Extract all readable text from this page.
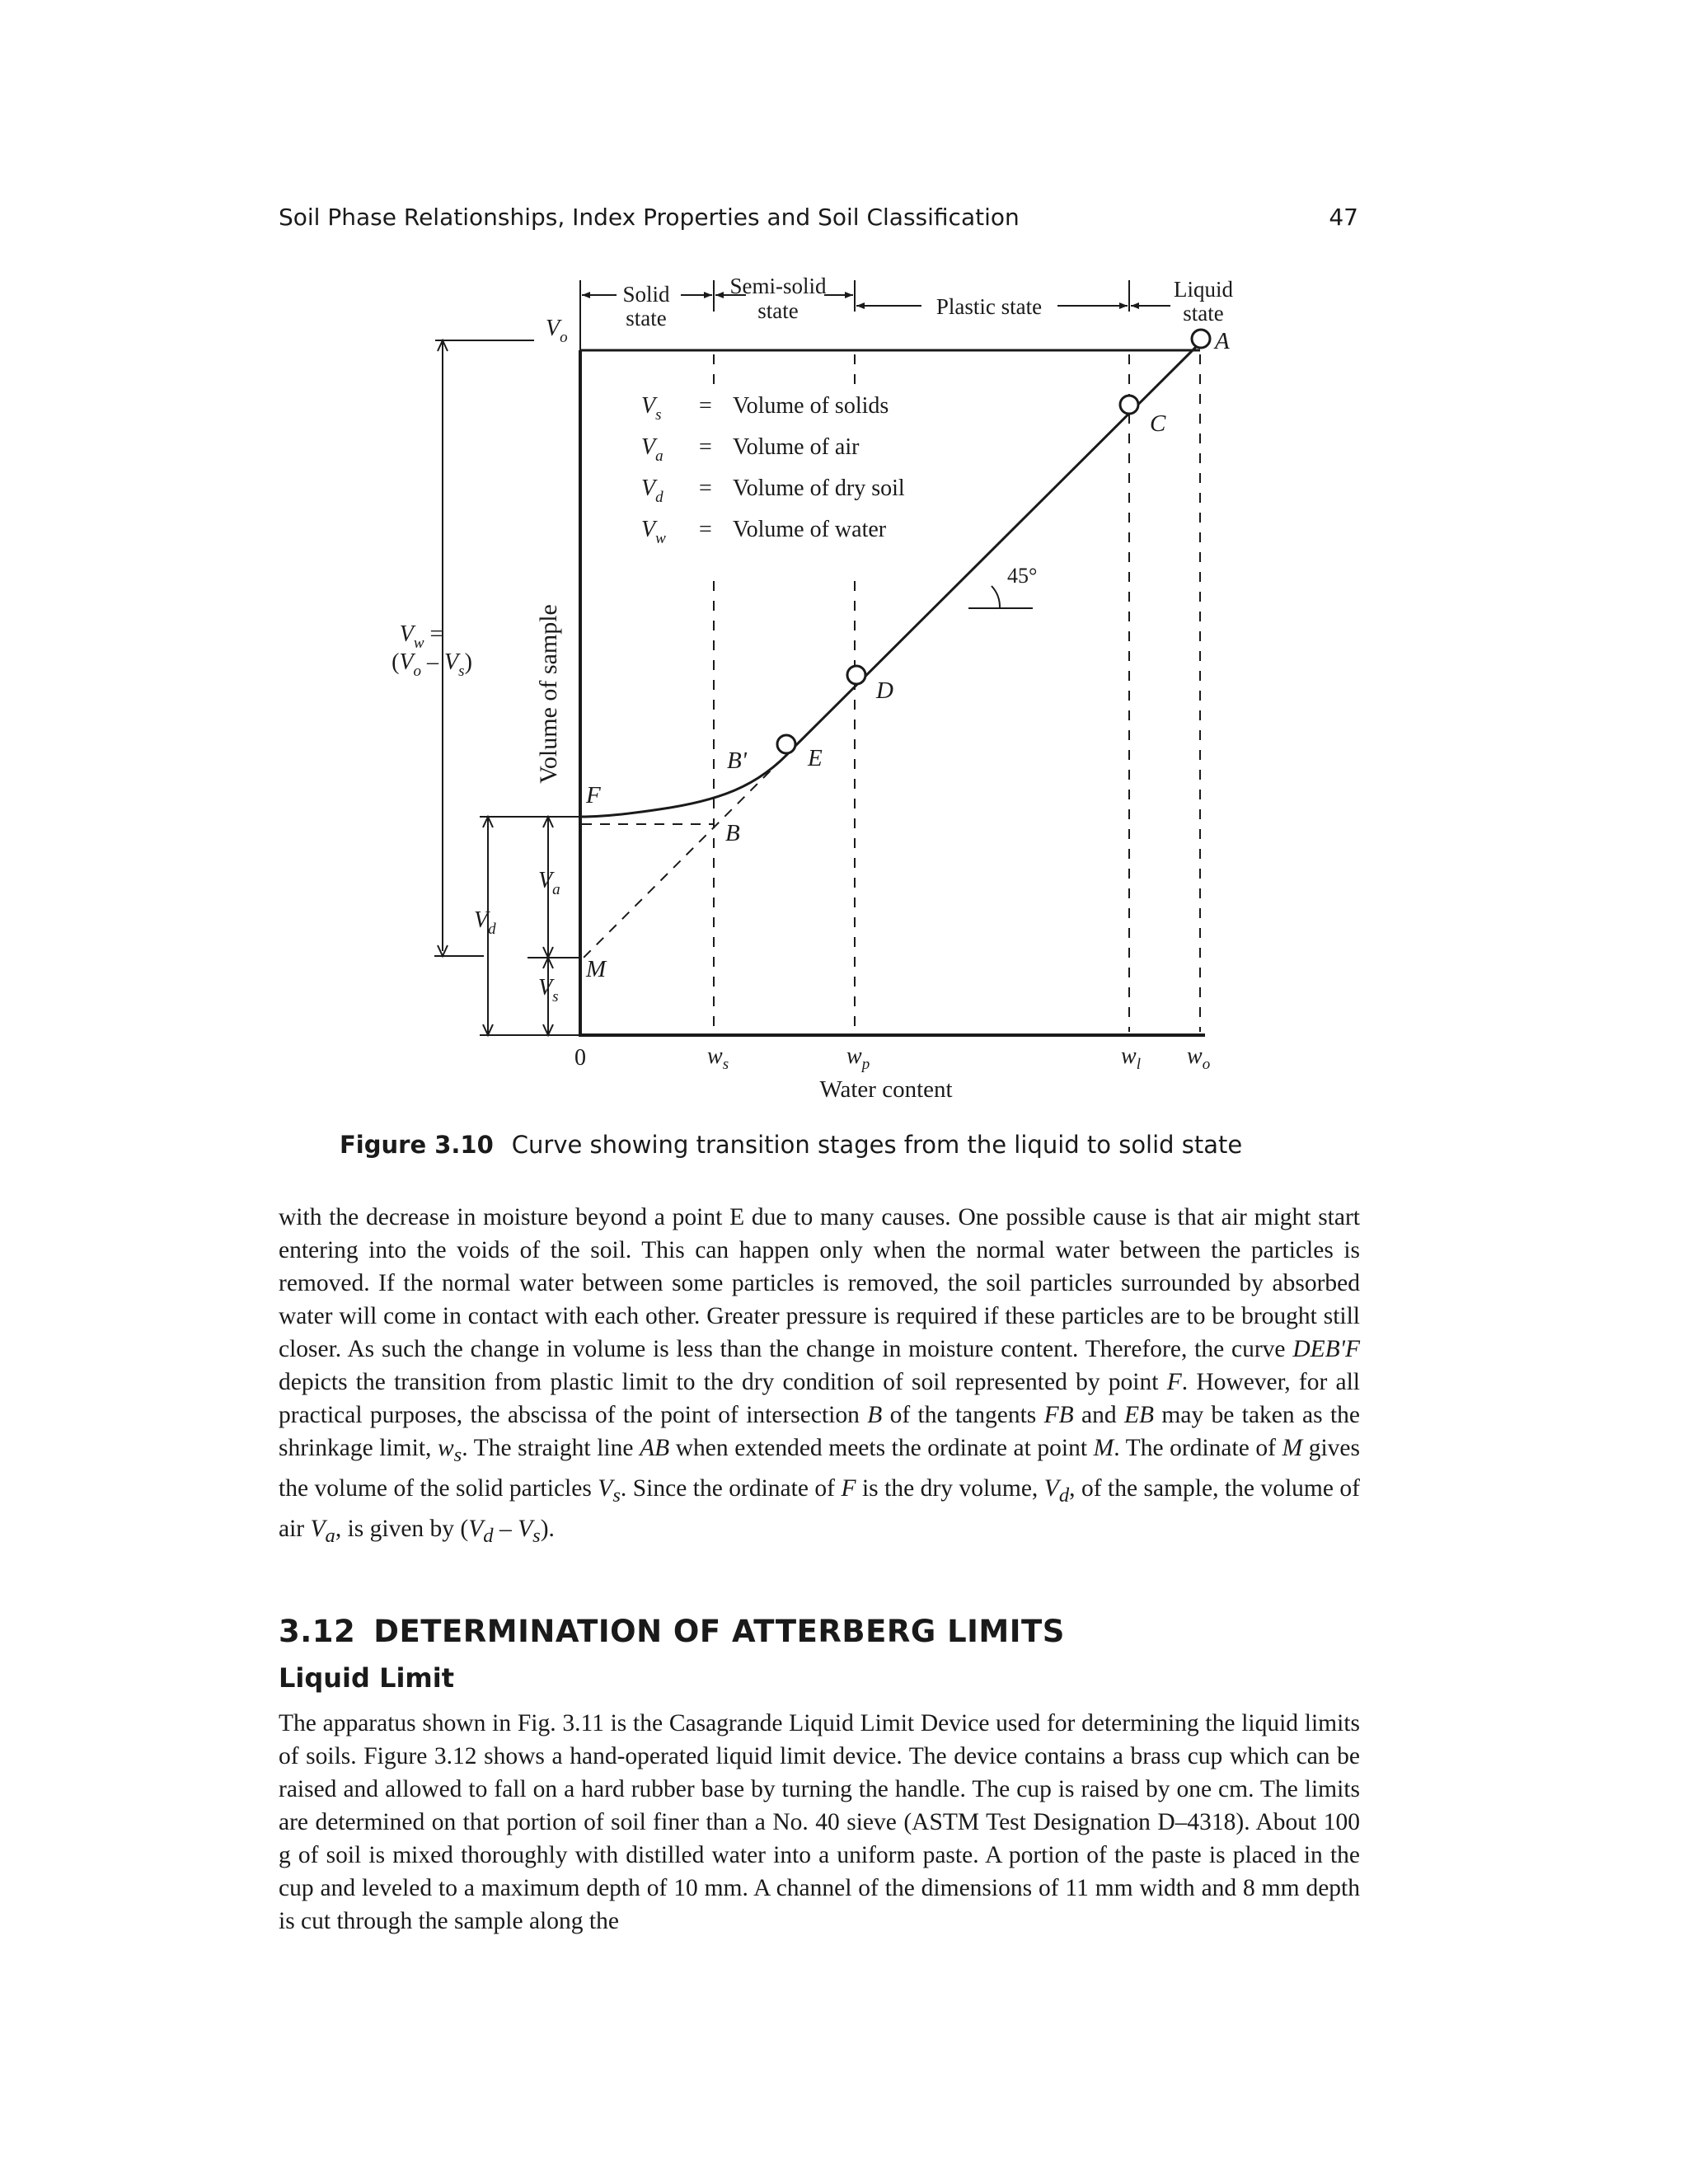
Soil Phase Relationships, Index Properties and Soil Classification	47
Solid
state
Semi-solid
state	Plastic state
Liquid
state
$V_o$
$V_s$ = Volume of solids
$V_a$ = Volume of air
$V_d$ = Volume of dry soil
$V_w$ = Volume of water
A
C
D
E
B'
B
F
M
45°
Volume of sample
0	$w_s$	$w_p$	$w_l$ $w_o$
Water content
$V_w$ =
$(V_o - V_s)$
$V_a$
$V_d$
$V_s$
Figure 3.10 Curve showing transition stages from the liquid to solid state
with the decrease in moisture beyond a point E due to many causes. One possible cause is that air might start entering into the voids of the soil. This can happen only when the normal water between the particles is removed. If the normal water between some particles is removed, the soil particles surrounded by absorbed water will come in contact with each other. Greater pressure is required if these particles are to be brought still closer. As such the change in volume is less than the change in moisture content. Therefore, the curve DEB'F depicts the transition from plastic limit to the dry condition of soil represented by point F. However, for all practical purposes, the abscissa of the point of intersection B of the tangents FB and EB may be taken as the shrinkage limit, $w_s$. The straight line AB when extended meets the ordinate at point M. The ordinate of M gives the volume of the solid particles $V_s$. Since the ordinate of F is the dry volume, $V_d$, of the sample, the volume of air $V_a$, is given by $(V_d - V_s)$.
3.12 DETERMINATION OF ATTERBERG LIMITS
Liquid Limit
The apparatus shown in Fig. 3.11 is the Casagrande Liquid Limit Device used for determining the liquid limits of soils. Figure 3.12 shows a hand-operated liquid limit device. The device contains a brass cup which can be raised and allowed to fall on a hard rubber base by turning the handle. The cup is raised by one cm. The limits are determined on that portion of soil finer than a No. 40 sieve (ASTM Test Designation D–4318). About 100 g of soil is mixed thoroughly with distilled water into a uniform paste. A portion of the paste is placed in the cup and leveled to a maximum depth of 10 mm. A channel of the dimensions of 11 mm width and 8 mm depth is cut through the sample along the
